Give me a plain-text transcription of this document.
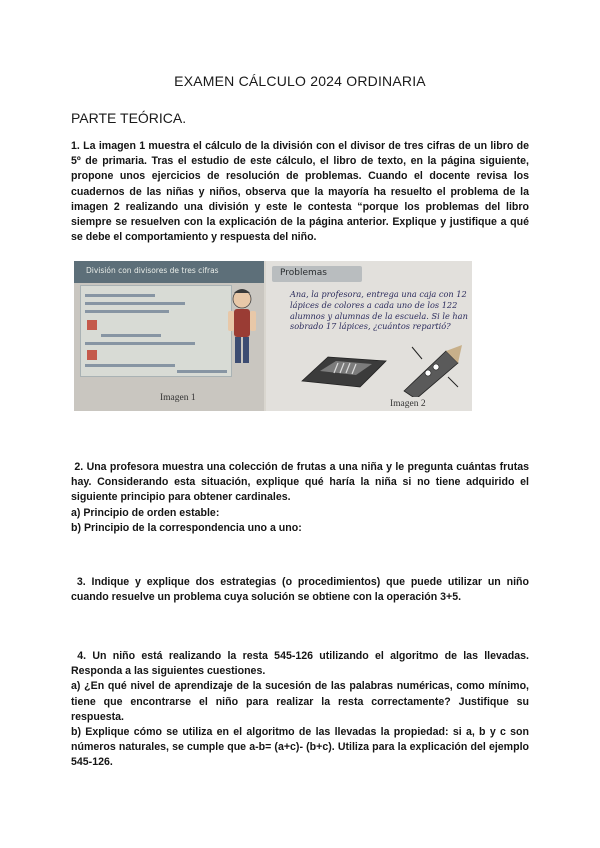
EXAMEN CÁLCULO 2024 ORDINARIA
PARTE TEÓRICA.

1. La imagen 1 muestra el cálculo de la división con el divisor de tres cifras de un libro de 5º de primaria. Tras el estudio de este cálculo, el libro de texto, en la página siguiente, propone unos ejercicios de resolución de problemas. Cuando el docente revisa los cuadernos de las niñas y niños, observa que la mayoría ha resuelto el problema de la imagen 2 realizando una división y este le contesta “porque los problemas del libro siempre se resuelven con la explicación de la página anterior. Explique y justifique a qué se debe el comportamiento y respuesta del niño.

División con divisores de tres cifras
Imagen 1
Problemas
Ana, la profesora, entrega una caja con 12 lápices de colores a cada uno de los 122 alumnos y alumnas de la escuela. Si le han sobrado 17 lápices, ¿cuántos repartió?
Imagen 2

2. Una profesora muestra una colección de frutas a una niña y le pregunta cuántas frutas hay. Considerando esta situación, explique qué haría la niña si no tiene adquirido el siguiente principio para obtener cardinales.

a) Principio de orden estable:

b) Principio de la correspondencia uno a uno:

3. Indique y explique dos estrategias (o procedimientos) que puede utilizar un niño cuando resuelve un problema cuya solución se obtiene con la operación 3+5.

4. Un niño está realizando la resta 545-126 utilizando el algoritmo de las llevadas. Responda a las siguientes cuestiones.

a) ¿En qué nivel de aprendizaje de la sucesión de las palabras numéricas, como mínimo, tiene que encontrarse el niño para realizar la resta correctamente? Justifique su respuesta.

b) Explique cómo se utiliza en el algoritmo de las llevadas la propiedad: si a, b y c son números naturales, se cumple que a-b= (a+c)- (b+c). Utiliza para la explicación del ejemplo 545-126.
